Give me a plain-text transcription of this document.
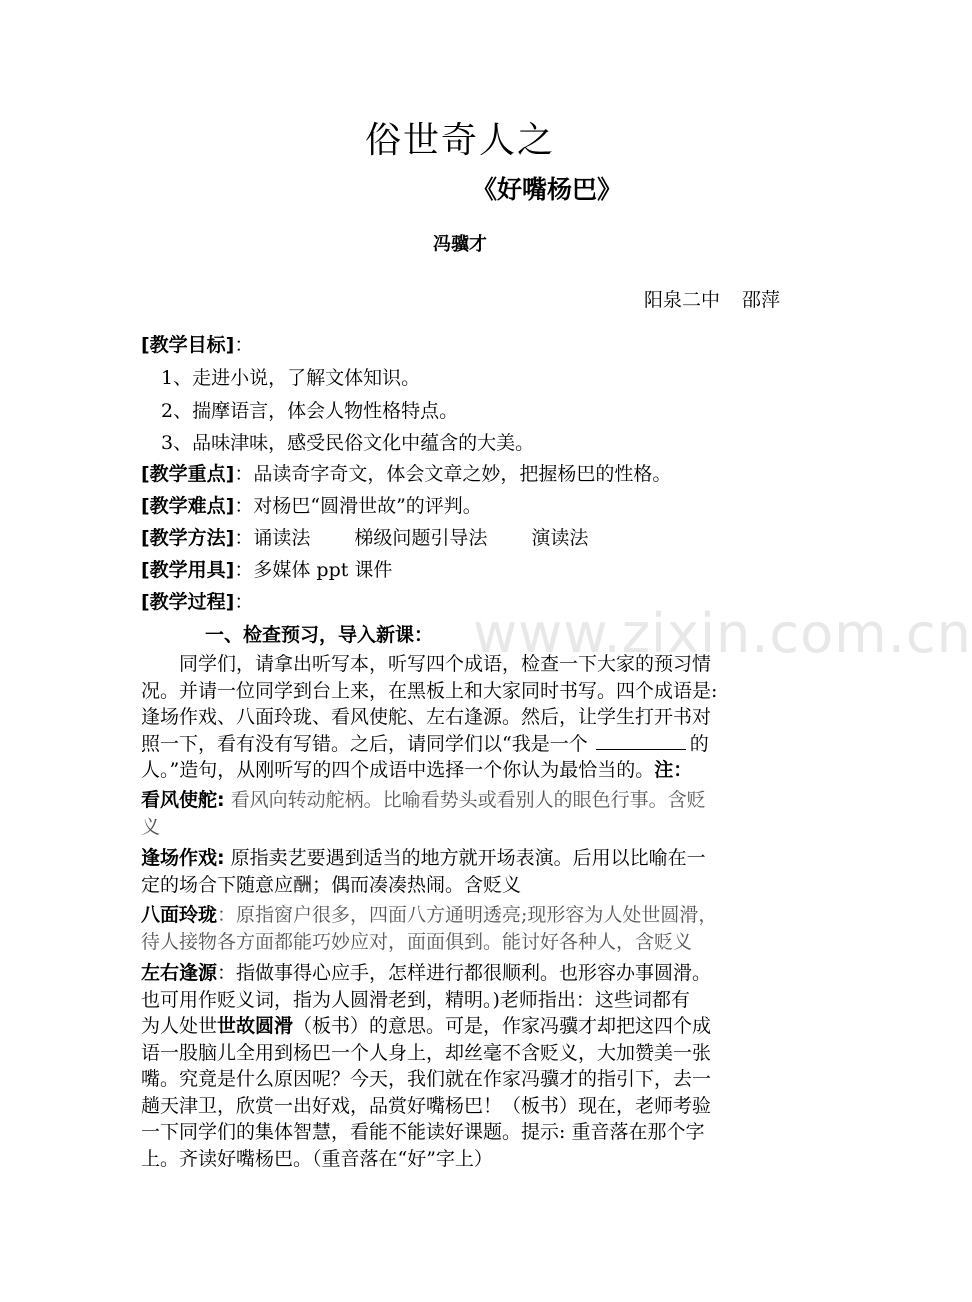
俗世奇人之
《好嘴杨巴》
冯骥才
阳泉二中 邵萍
[教学目标]：
1、走进小说，了解文体知识。
2、揣摩语言，体会人物性格特点。
3、品味津味，感受民俗文化中蕴含的大美。
[教学重点]：品读奇字奇文，体会文章之妙，把握杨巴的性格。
[教学难点]：对杨巴“圆滑世故”的评判。
[教学方法]：诵读法 梯级问题引导法 演读法
[教学用具]：多媒体 ppt 课件
[教学过程]：	www.zixin.com.cn
一、检查预习，导入新课：
同学们，请拿出听写本，听写四个成语，检查一下大家的预习情
况。并请一位同学到台上来，在黑板上和大家同时书写。四个成语是:
逢场作戏、八面玲珑、看风使舵、左右逢源。然后，让学生打开书对
照一下，看有没有写错。之后，请同学们以“我是一个	的
人。”造句，从刚听写的四个成语中选择一个你认为最恰当的。注：
看风使舵: 看风向转动舵柄。比喻看势头或看别人的眼色行事。含贬
义
逢场作戏: 原指卖艺要遇到适当的地方就开场表演。后用以比喻在一
定的场合下随意应酬；偶而凑凑热闹。含贬义
八面玲珑：原指窗户很多，四面八方通明透亮;现形容为人处世圆滑，
待人接物各方面都能巧妙应对，面面俱到。能讨好各种人，含贬义
左右逢源：指做事得心应手，怎样进行都很顺利。也形容办事圆滑。
也可用作贬义词，指为人圆滑老到，精明。)老师指出：这些词都有
为人处世世故圆滑（板书）的意思。可是，作家冯骥才却把这四个成
语一股脑儿全用到杨巴一个人身上，却丝毫不含贬义，大加赞美一张
嘴。究竟是什么原因呢？今天，我们就在作家冯骥才的指引下，去一
趟天津卫，欣赏一出好戏，品赏好嘴杨巴！（板书）现在，老师考验
一下同学们的集体智慧，看能不能读好课题。提示: 重音落在那个字
上。齐读好嘴杨巴。（重音落在“好”字上）
